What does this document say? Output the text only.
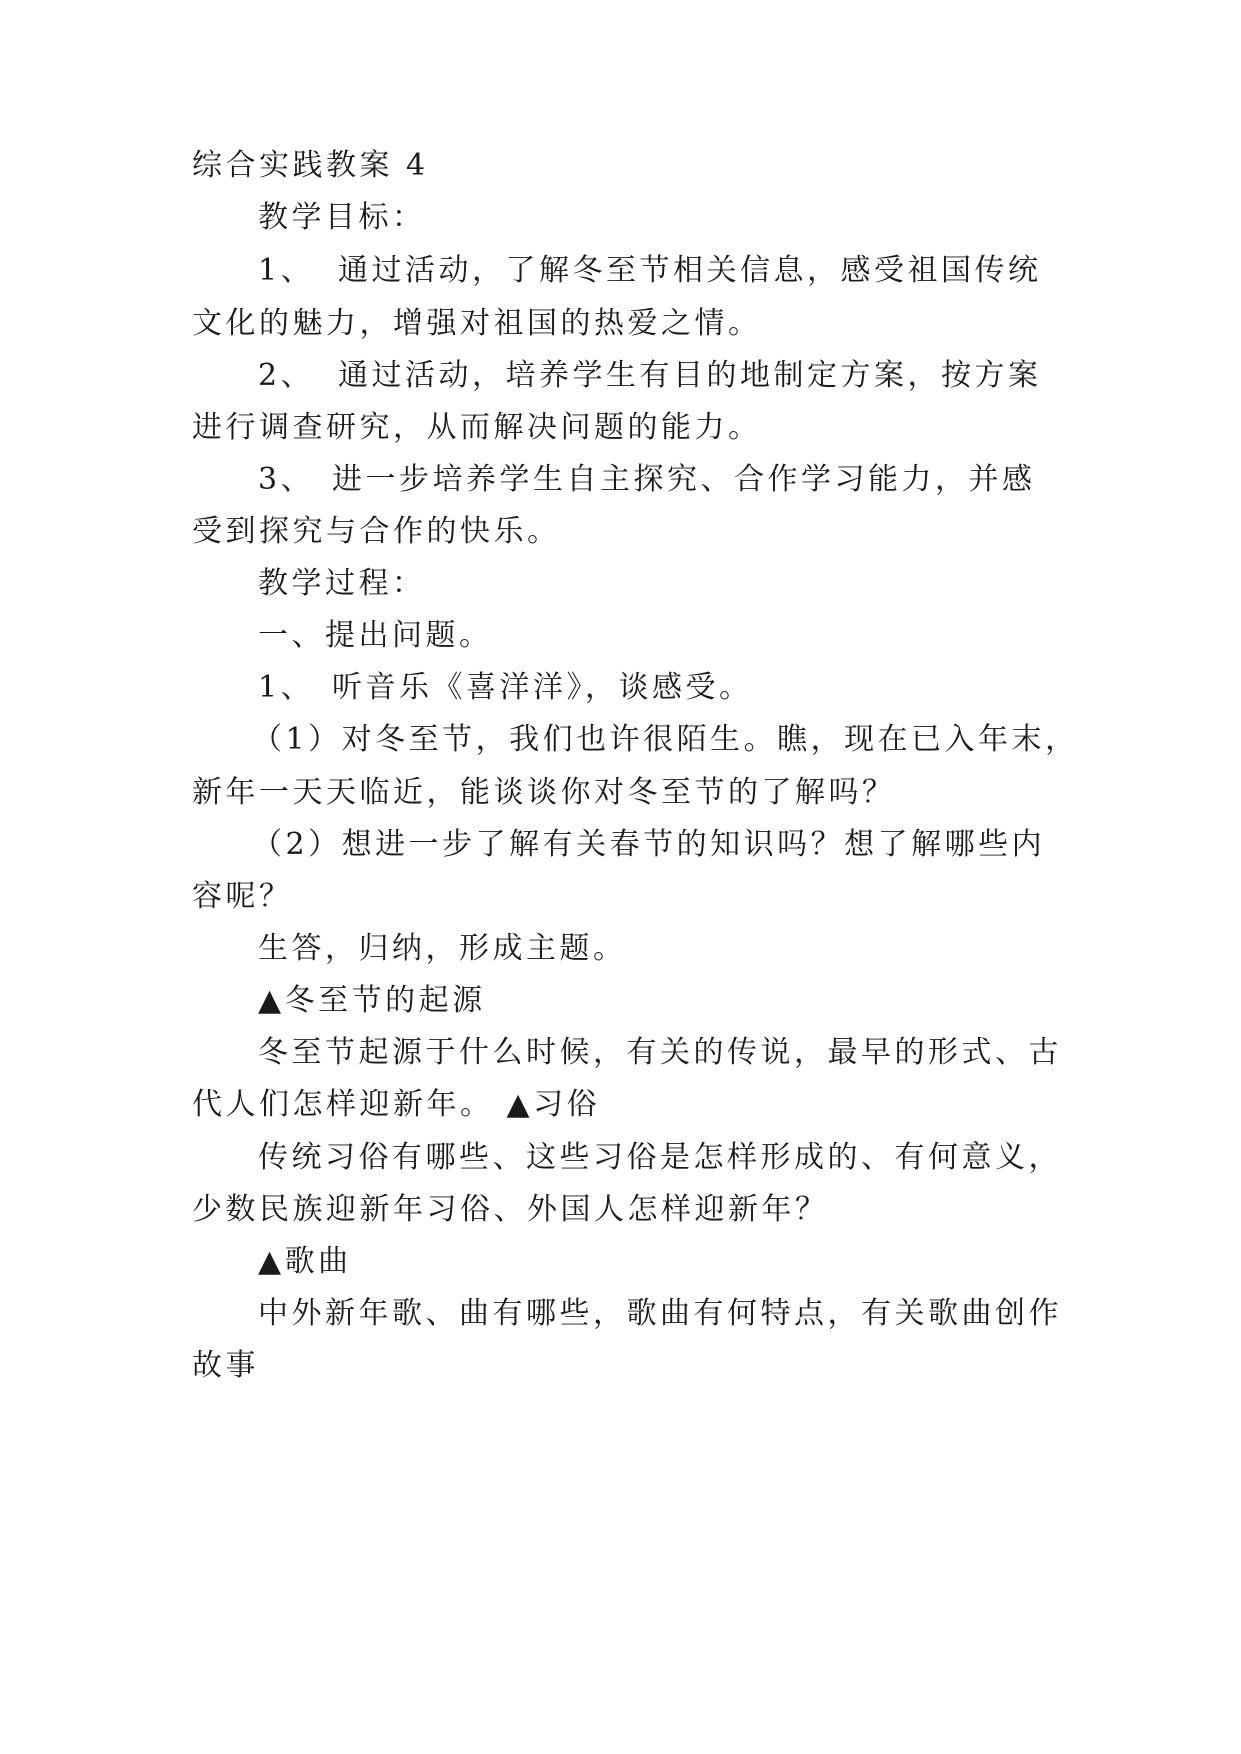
综合实践教案 4
教学目标：
1、 通过活动，了解冬至节相关信息，感受祖国传统
文化的魅力，增强对祖国的热爱之情。
2、 通过活动，培养学生有目的地制定方案，按方案
进行调查研究，从而解决问题的能力。
3、 进一步培养学生自主探究、合作学习能力，并感
受到探究与合作的快乐。
教学过程：
一、提出问题。
1、 听音乐《喜洋洋》，谈感受。
（1）对冬至节，我们也许很陌生。瞧，现在已入年末，
新年一天天临近，能谈谈你对冬至节的了解吗？
（2）想进一步了解有关春节的知识吗？想了解哪些内
容呢？
生答，归纳，形成主题。
▲冬至节的起源
冬至节起源于什么时候，有关的传说，最早的形式、古
代人们怎样迎新年。 ▲习俗
传统习俗有哪些、这些习俗是怎样形成的、有何意义，
少数民族迎新年习俗、外国人怎样迎新年？
▲歌曲
中外新年歌、曲有哪些，歌曲有何特点，有关歌曲创作
故事
